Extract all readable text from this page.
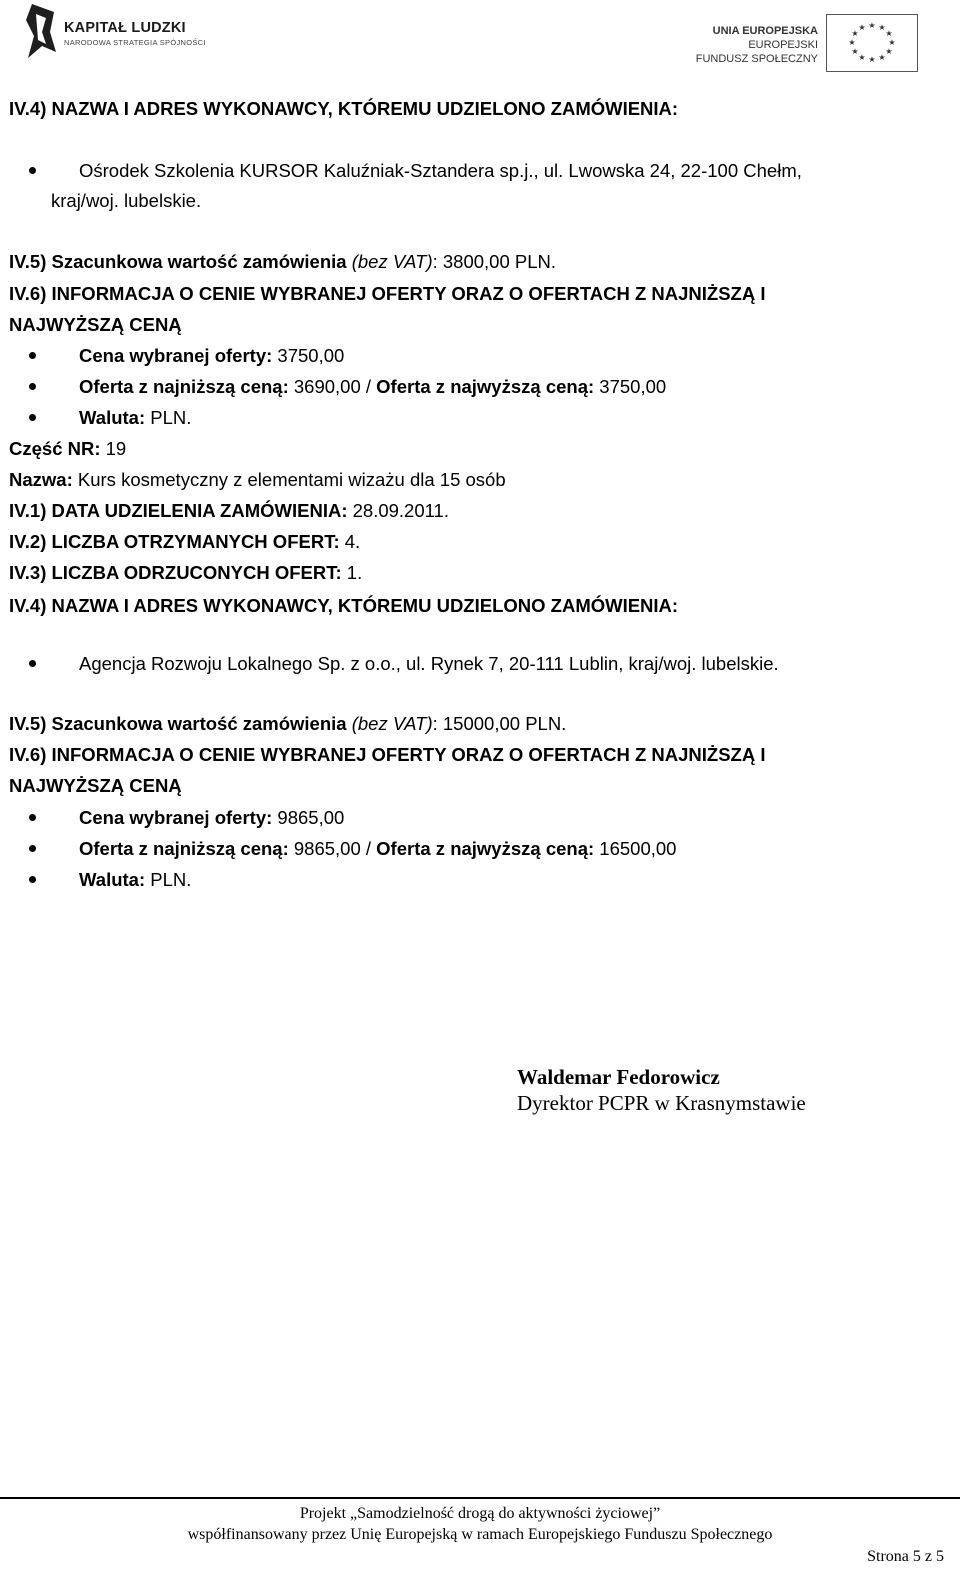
KAPITAŁ LUDZKI
NARODOWA STRATEGIA SPÓJNOŚCI
UNIA EUROPEJSKA
EUROPEJSKI
FUNDUSZ SPOŁECZNY
★ ★
★
★
★
★
★
★
★
★
★
★
IV.4) NAZWA I ADRES WYKONAWCY, KTÓREMU UDZIELONO ZAMÓWIENIA:
Ośrodek Szkolenia KURSOR Kaluźniak-Sztandera sp.j., ul. Lwowska 24, 22-100 Chełm,
kraj/woj. lubelskie.
IV.5) Szacunkowa wartość zamówienia (bez VAT): 3800,00 PLN.
IV.6) INFORMACJA O CENIE WYBRANEJ OFERTY ORAZ O OFERTACH Z NAJNIŻSZĄ I
NAJWYŻSZĄ CENĄ
Cena wybranej oferty: 3750,00
Oferta z najniższą ceną: 3690,00 / Oferta z najwyższą ceną: 3750,00
Waluta: PLN.
Część NR: 19
Nazwa: Kurs kosmetyczny z elementami wizażu dla 15 osób
IV.1) DATA UDZIELENIA ZAMÓWIENIA: 28.09.2011.
IV.2) LICZBA OTRZYMANYCH OFERT: 4.
IV.3) LICZBA ODRZUCONYCH OFERT: 1.
IV.4) NAZWA I ADRES WYKONAWCY, KTÓREMU UDZIELONO ZAMÓWIENIA:
Agencja Rozwoju Lokalnego Sp. z o.o., ul. Rynek 7, 20-111 Lublin, kraj/woj. lubelskie.
IV.5) Szacunkowa wartość zamówienia (bez VAT): 15000,00 PLN.
IV.6) INFORMACJA O CENIE WYBRANEJ OFERTY ORAZ O OFERTACH Z NAJNIŻSZĄ I
NAJWYŻSZĄ CENĄ
Cena wybranej oferty: 9865,00
Oferta z najniższą ceną: 9865,00 / Oferta z najwyższą ceną: 16500,00
Waluta: PLN.
Waldemar Fedorowicz
Dyrektor PCPR w Krasnymstawie
Projekt „Samodzielność drogą do aktywności życiowej”
współfinansowany przez Unię Europejską w ramach Europejskiego Funduszu Społecznego
Strona 5 z 5
